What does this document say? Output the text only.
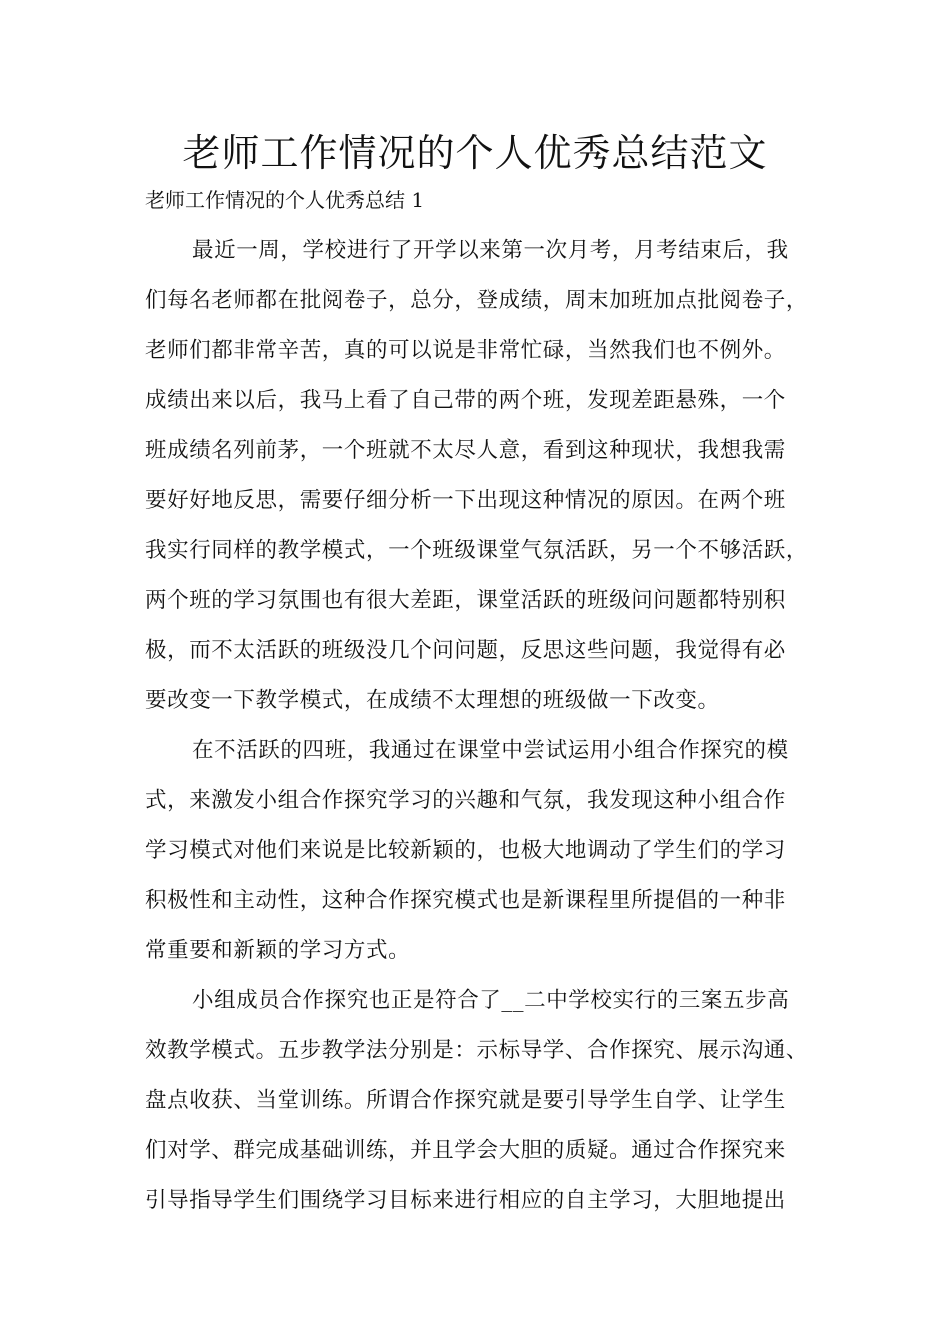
老师工作情况的个人优秀总结范文

老师工作情况的个人优秀总结 1

最近一周，学校进行了开学以来第一次月考，月考结束后，我

们每名老师都在批阅卷子，总分，登成绩，周末加班加点批阅卷子，

老师们都非常辛苦，真的可以说是非常忙碌，当然我们也不例外。

成绩出来以后，我马上看了自己带的两个班，发现差距悬殊，一个

班成绩名列前茅，一个班就不太尽人意，看到这种现状，我想我需

要好好地反思，需要仔细分析一下出现这种情况的原因。在两个班

我实行同样的教学模式，一个班级课堂气氛活跃，另一个不够活跃，

两个班的学习氛围也有很大差距，课堂活跃的班级问问题都特别积

极，而不太活跃的班级没几个问问题，反思这些问题，我觉得有必

要改变一下教学模式，在成绩不太理想的班级做一下改变。

在不活跃的四班，我通过在课堂中尝试运用小组合作探究的模

式，来激发小组合作探究学习的兴趣和气氛，我发现这种小组合作

学习模式对他们来说是比较新颖的，也极大地调动了学生们的学习

积极性和主动性，这种合作探究模式也是新课程里所提倡的一种非

常重要和新颖的学习方式。

小组成员合作探究也正是符合了__二中学校实行的三案五步高

效教学模式。五步教学法分别是：示标导学、合作探究、展示沟通、

盘点收获、当堂训练。所谓合作探究就是要引导学生自学、让学生

们对学、群完成基础训练，并且学会大胆的质疑。通过合作探究来

引导指导学生们围绕学习目标来进行相应的自主学习，大胆地提出
